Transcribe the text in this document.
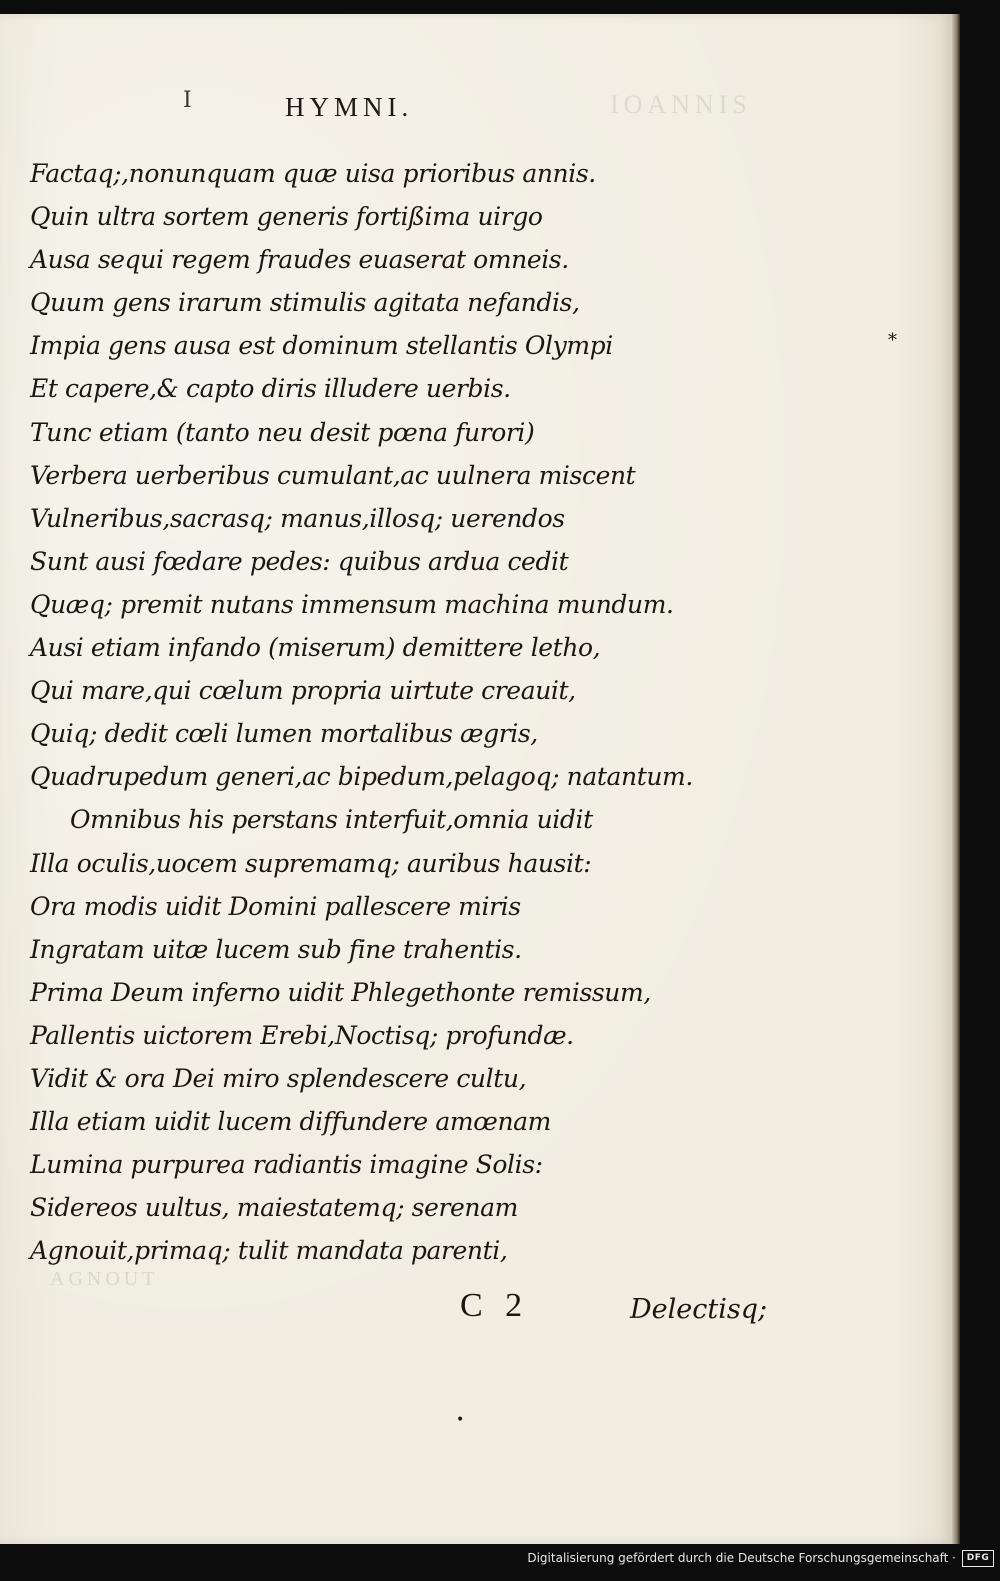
I	HYMNI.	IOANNIS
Factaq;,nonunquam quæ uisa prioribus annis.
Quin ultra sortem generis fortißima uirgo
Ausa sequi regem fraudes euaserat omneis.
Quum gens irarum stimulis agitata nefandis,
Impia gens ausa est dominum stellantis Olympi
Et capere,& capto diris illudere uerbis.
Tunc etiam (tanto neu desit pœna furori)
Verbera uerberibus cumulant,ac uulnera miscent
Vulneribus,sacrasq; manus,illosq; uerendos
Sunt ausi fœdare pedes: quibus ardua cedit
Quæq; premit nutans immensum machina mundum.
Ausi etiam infando (miserum) demittere letho,
Qui mare,qui cœlum propria uirtute creauit,
Quiq; dedit cœli lumen mortalibus ægris,
Quadrupedum generi,ac bipedum,pelagoq; natantum.
Omnibus his perstans interfuit,omnia uidit
Illa oculis,uocem supremamq; auribus hausit:
Ora modis uidit Domini pallescere miris
Ingratam uitæ lucem sub fine trahentis.
Prima Deum inferno uidit Phlegethonte remissum,
Pallentis uictorem Erebi,Noctisq; profundæ.
Vidit & ora Dei miro splendescere cultu,
Illa etiam uidit lucem diffundere amœnam
Lumina purpurea radiantis imagine Solis:
Sidereos uultus, maiestatemq; serenam
Agnouit,primaq; tulit mandata parenti,
*
AGNOUT
C 2	Delectisq;
•
Digitalisierung gefördert durch die Deutsche Forschungsgemeinschaft ·	DFG
